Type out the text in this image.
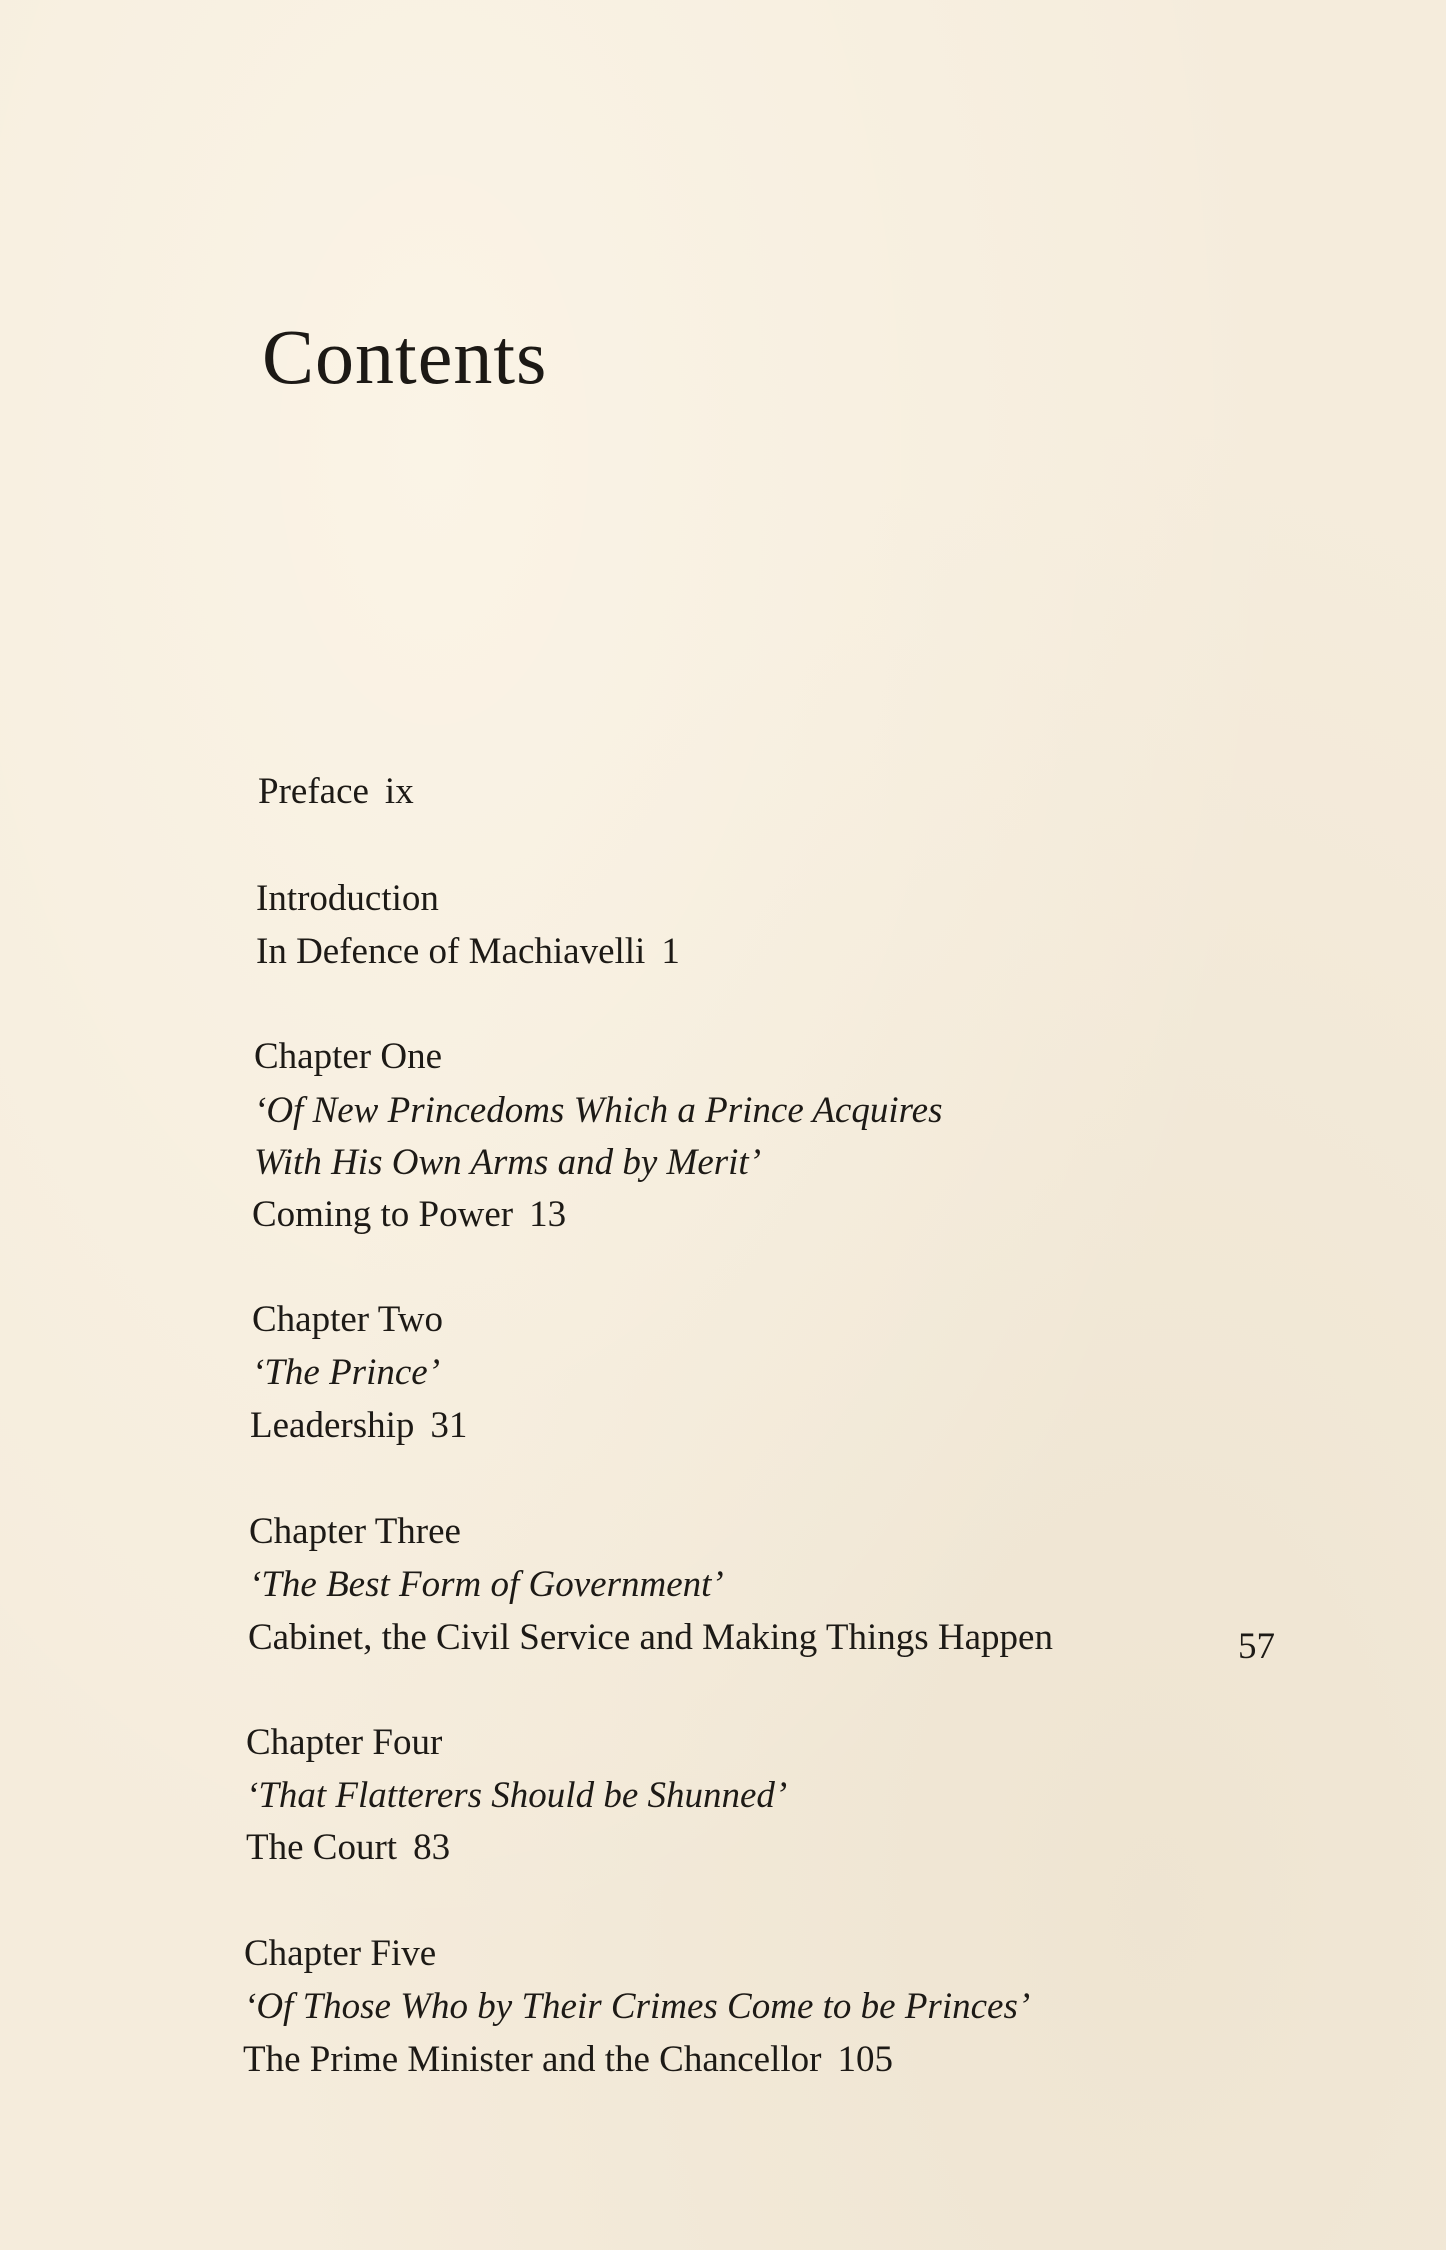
Contents
Preface ix
Introduction
In Defence of Machiavelli 1
Chapter One
‘Of New Princedoms Which a Prince Acquires
With His Own Arms and by Merit’
Coming to Power 13
Chapter Two
‘The Prince’
Leadership 31
Chapter Three
‘The Best Form of Government’
Cabinet, the Civil Service and Making Things Happen	57
Chapter Four
‘That Flatterers Should be Shunned’
The Court 83
Chapter Five
‘Of Those Who by Their Crimes Come to be Princes’
The Prime Minister and the Chancellor 105
